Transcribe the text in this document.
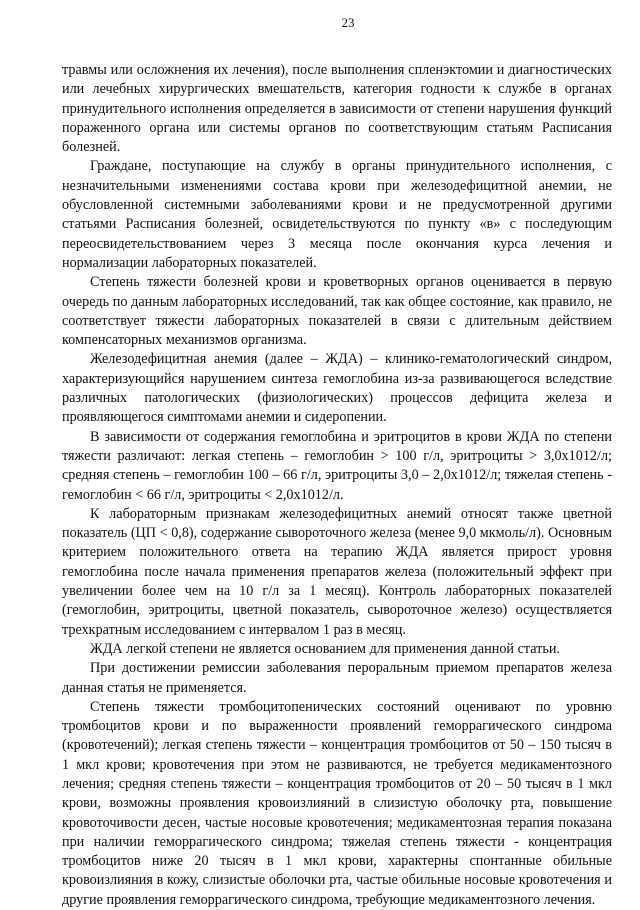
23

травмы или осложнения их лечения), после выполнения спленэктомии и диагностических или лечебных хирургических вмешательств, категория годности к службе в органах принудительного исполнения определяется в зависимости от степени нарушения функций пораженного органа или системы органов по соответствующим статьям Расписания болезней.

Граждане, поступающие на службу в органы принудительного исполнения, с незначительными изменениями состава крови при железодефицитной анемии, не обусловленной системными заболеваниями крови и не предусмотренной другими статьями Расписания болезней, освидетельствуются по пункту «в» с последующим переосвидетельствованием через 3 месяца после окончания курса лечения и нормализации лабораторных показателей.

Степень тяжести болезней крови и кроветворных органов оценивается в первую очередь по данным лабораторных исследований, так как общее состояние, как правило, не соответствует тяжести лабораторных показателей в связи с длительным действием компенсаторных механизмов организма.

Железодефицитная анемия (далее – ЖДА) – клинико-гематологический синдром, характеризующийся нарушением синтеза гемоглобина из-за развивающегося вследствие различных патологических (физиологических) процессов дефицита железа и проявляющегося симптомами анемии и сидеропении.

В зависимости от содержания гемоглобина и эритроцитов в крови ЖДА по степени тяжести различают: легкая степень – гемоглобин > 100 г/л, эритроциты > 3,0х1012/л; средняя степень – гемоглобин 100 – 66 г/л, эритроциты 3,0 – 2,0х1012/л; тяжелая степень - гемоглобин < 66 г/л, эритроциты < 2,0х1012/л.

К лабораторным признакам железодефицитных анемий относят также цветной показатель (ЦП < 0,8), содержание сывороточного железа (менее 9,0 мкмоль/л). Основным критерием положительного ответа на терапию ЖДА является прирост уровня гемоглобина после начала применения препаратов железа (положительный эффект при увеличении более чем на 10 г/л за 1 месяц). Контроль лабораторных показателей (гемоглобин, эритроциты, цветной показатель, сывороточное железо) осуществляется трехкратным исследованием с интервалом 1 раз в месяц.

ЖДА легкой степени не является основанием для применения данной статьи.

При достижении ремиссии заболевания пероральным приемом препаратов железа данная статья не применяется.

Степень тяжести тромбоцитопенических состояний оценивают по уровню тромбоцитов крови и по выраженности проявлений геморрагического синдрома (кровотечений); легкая степень тяжести – концентрация тромбоцитов от 50 – 150 тысяч в 1 мкл крови; кровотечения при этом не развиваются, не требуется медикаментозного лечения; средняя степень тяжести – концентрация тромбоцитов от 20 – 50 тысяч в 1 мкл крови, возможны проявления кровоизлияний в слизистую оболочку рта, повышение кровоточивости десен, частые носовые кровотечения; медикаментозная терапия показана при наличии геморрагического синдрома; тяжелая степень тяжести - концентрация тромбоцитов ниже 20 тысяч в 1 мкл крови, характерны спонтанные обильные кровоизлияния в кожу, слизистые оболочки рта, частые обильные носовые кровотечения и другие проявления геморрагического синдрома, требующие медикаментозного лечения.
